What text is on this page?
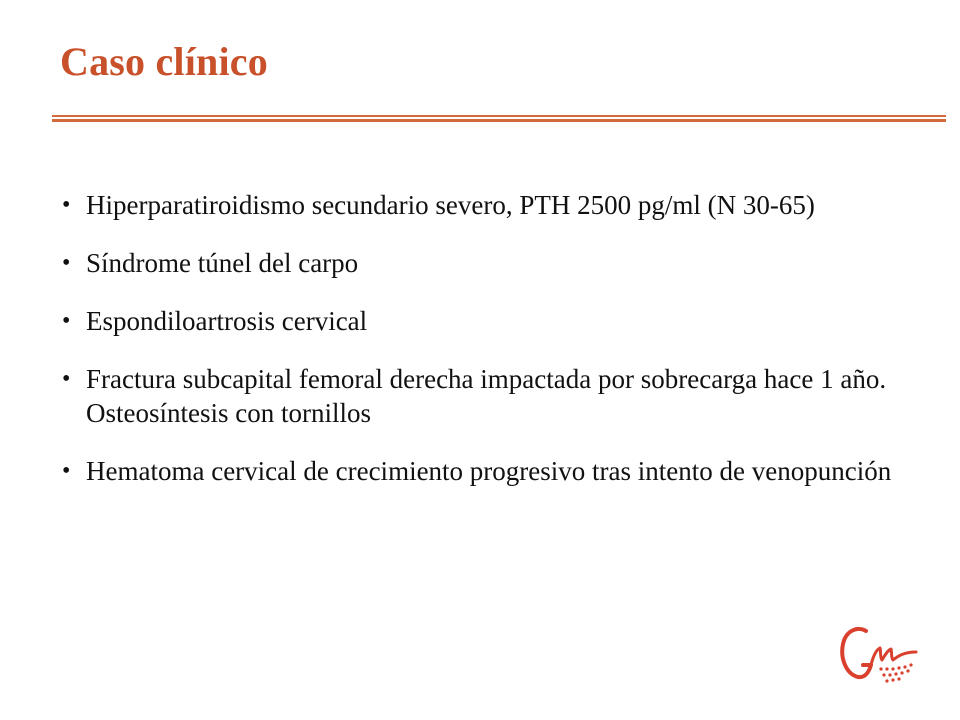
Caso clínico
• Hiperparatiroidismo secundario severo, PTH 2500 pg/ml (N 30-65)
• Síndrome túnel del carpo
• Espondiloartrosis cervical
• Fractura subcapital femoral derecha impactada por sobrecarga hace 1 año. Osteosíntesis con tornillos
• Hematoma cervical de crecimiento progresivo tras intento de venopunción
